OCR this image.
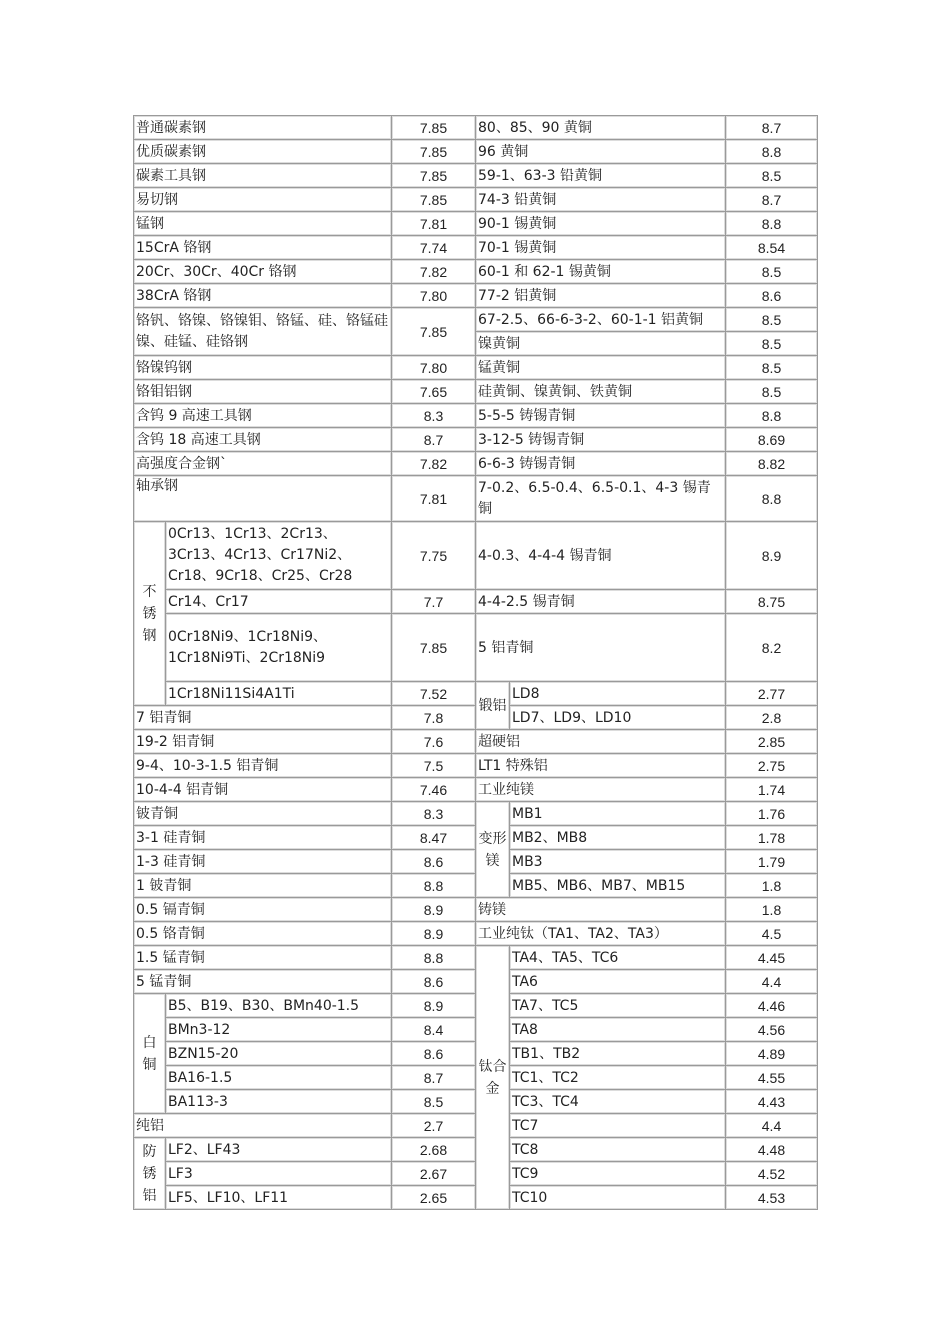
普通碳素钢		7.85	80、85、90 黄铜		8.7
优质碳素钢		7.85	96 黄铜		8.8
碳素工具钢		7.85	59-1、63-3 铅黄铜		8.5
易切钢		7.85	74-3 铅黄铜		8.7
锰钢		7.81	90-1 锡黄铜		8.8
15CrA 铬钢		7.74	70-1 锡黄铜		8.54
20Cr、30Cr、40Cr 铬钢		7.82	60-1 和 62-1 锡黄铜		8.5
38CrA 铬钢		7.80	77-2 铝黄铜		8.6
铬钒、铬镍、铬镍钼、铬锰、硅、铬锰硅镍、硅锰、硅铬钢		7.85	67-2.5、66-6-3-2、60-1-1 铝黄铜		8.5
			镍黄铜		8.5
铬镍钨钢		7.80	锰黄铜		8.5
铬钼铝钢		7.65	硅黄铜、镍黄铜、铁黄铜		8.5
含钨 9 高速工具钢		8.3	5-5-5 铸锡青铜		8.8
含钨 18 高速工具钢		8.7	3-12-5 铸锡青铜		8.69
高强度合金钢`		7.82	6-6-3 铸锡青铜		8.82
轴承钢		7.81	7-0.2、6.5-0.4、6.5-0.1、4-3 锡青铜		8.8
不锈钢	0Cr13、1Cr13、2Cr13、3Cr13、4Cr13、Cr17Ni2、Cr18、9Cr18、Cr25、Cr28	7.75	4-0.3、4-4-4 锡青铜		8.9
	Cr14、Cr17	7.7	4-4-2.5 锡青铜		8.75
	0Cr18Ni9、1Cr18Ni9、1Cr18Ni9Ti、2Cr18Ni9	7.85	5 铝青铜		8.2
	1Cr18Ni11Si4A1Ti	7.52	锻铝	LD8	2.77
7 铝青铜		7.8		LD7、LD9、LD10	2.8
19-2 铝青铜		7.6	超硬铝		2.85
9-4、10-3-1.5 铝青铜		7.5	LT1 特殊铝		2.75
10-4-4 铝青铜		7.46	工业纯镁		1.74
铍青铜		8.3	变形镁	MB1	1.76
3-1 硅青铜		8.47		MB2、MB8	1.78
1-3 硅青铜		8.6		MB3	1.79
1 铍青铜		8.8		MB5、MB6、MB7、MB15	1.8
0.5 镉青铜		8.9	铸镁		1.8
0.5 铬青铜		8.9	工业纯钛（TA1、TA2、TA3）		4.5
1.5 锰青铜		8.8	钛合金	TA4、TA5、TC6	4.45
5 锰青铜		8.6		TA6	4.4
白铜	B5、B19、B30、BMn40-1.5	8.9		TA7、TC5	4.46
	BMn3-12	8.4		TA8	4.56
	BZN15-20	8.6		TB1、TB2	4.89
	BA16-1.5	8.7		TC1、TC2	4.55
	BA113-3	8.5		TC3、TC4	4.43
纯铝		2.7		TC7	4.4
防锈铝	LF2、LF43	2.68		TC8	4.48
	LF3	2.67		TC9	4.52
	LF5、LF10、LF11	2.65		TC10	4.53
